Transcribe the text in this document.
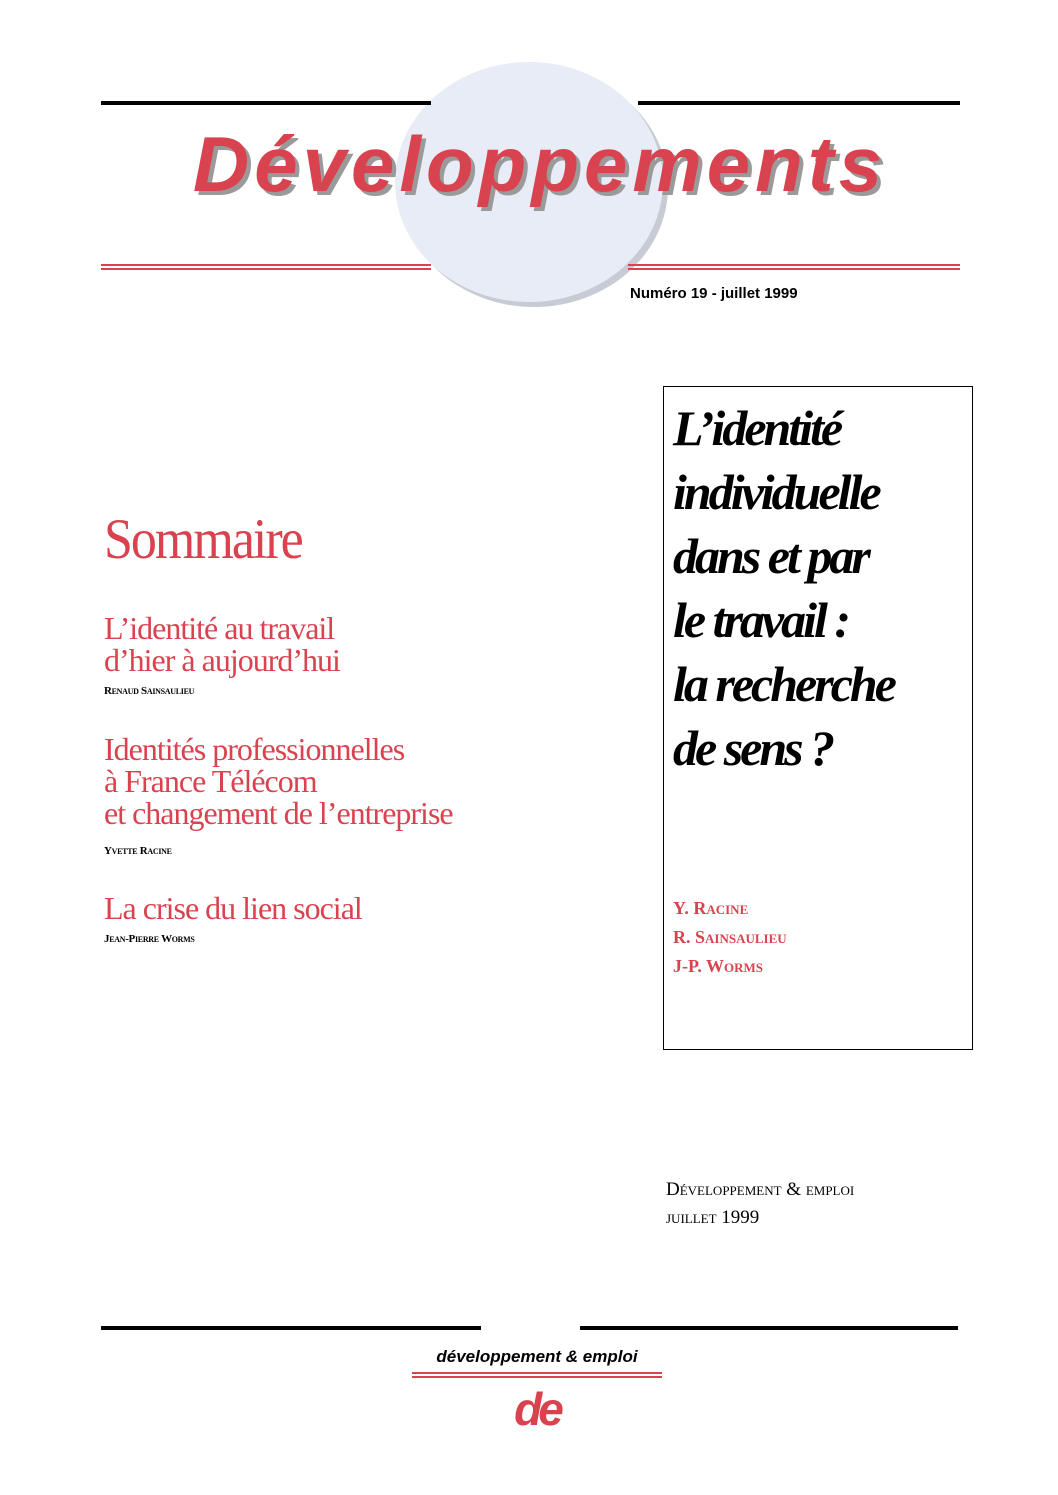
Développements
Numéro 19 - juillet 1999
Sommaire
L’identité au travail
d’hier à aujourd’hui
Renaud Sainsaulieu
Identités professionnelles
à France Télécom
et changement de l’entreprise
Yvette Racine
La crise du lien social
Jean-Pierre Worms
L’identité
individuelle
dans et par
le travail :
la recherche
de sens ?
Y. Racine
R. Sainsaulieu
J-P. Worms
Développement & emploi
juillet 1999
développement & emploi
de
